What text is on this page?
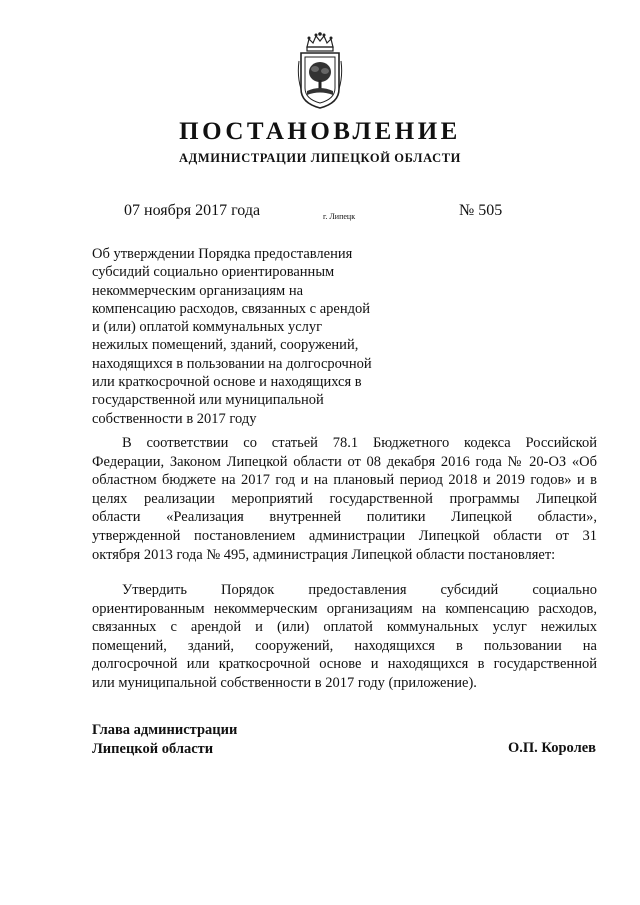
ПОСТАНОВЛЕНИЕ
АДМИНИСТРАЦИИ ЛИПЕЦКОЙ ОБЛАСТИ
07 ноября 2017 года	г. Липецк	№ 505
Об утверждении Порядка предоставления
субсидий социально ориентированным
некоммерческим организациям на
компенсацию расходов, связанных с арендой
и (или) оплатой коммунальных услуг
нежилых помещений, зданий, сооружений,
находящихся в пользовании на долгосрочной
или краткосрочной основе и находящихся в
государственной или муниципальной
собственности в 2017 году
В соответствии со статьей 78.1 Бюджетного кодекса Российской
Федерации, Законом Липецкой области от 08 декабря 2016 года № 20-ОЗ «Об
областном бюджете на 2017 год и на плановый период 2018 и 2019 годов» и в
целях реализации мероприятий государственной программы Липецкой
области «Реализация внутренней политики Липецкой области»,
утвержденной постановлением администрации Липецкой области от 31
октября 2013 года № 495, администрация Липецкой области постановляет:
Утвердить Порядок предоставления субсидий социально
ориентированным некоммерческим организациям на компенсацию расходов,
связанных с арендой и (или) оплатой коммунальных услуг нежилых
помещений, зданий, сооружений, находящихся в пользовании на
долгосрочной или краткосрочной основе и находящихся в государственной
или муниципальной собственности в 2017 году (приложение).
Глава администрации
Липецкой области	О.П. Королев
